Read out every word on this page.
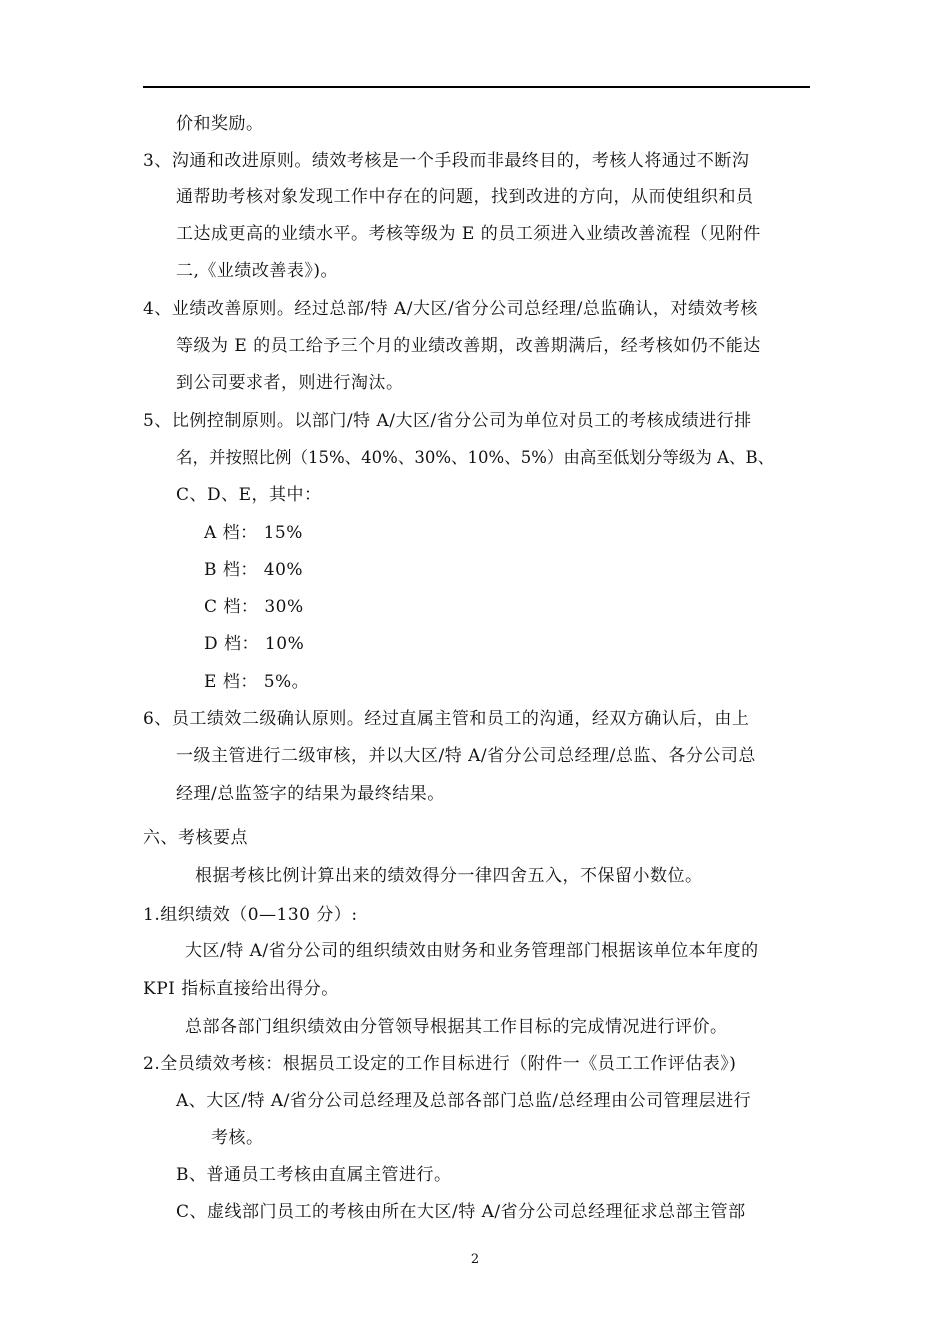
价和奖励。
3、沟通和改进原则。绩效考核是一个手段而非最终目的，考核人将通过不断沟
通帮助考核对象发现工作中存在的问题，找到改进的方向，从而使组织和员
工达成更高的业绩水平。考核等级为 E 的员工须进入业绩改善流程（见附件
二,《业绩改善表》)。
4、业绩改善原则。经过总部/特 A/大区/省分公司总经理/总监确认，对绩效考核
等级为 E 的员工给予三个月的业绩改善期，改善期满后，经考核如仍不能达
到公司要求者，则进行淘汰。
5、比例控制原则。以部门/特 A/大区/省分公司为单位对员工的考核成绩进行排
名，并按照比例（15%、40%、30%、10%、5%）由高至低划分等级为 A、B、
C、D、E，其中：
A 档： 15%
B 档： 40%
C 档： 30%
D 档： 10%
E 档： 5%。
6、员工绩效二级确认原则。经过直属主管和员工的沟通，经双方确认后，由上
一级主管进行二级审核，并以大区/特 A/省分公司总经理/总监、各分公司总
经理/总监签字的结果为最终结果。
六、考核要点
根据考核比例计算出来的绩效得分一律四舍五入，不保留小数位。
1.组织绩效（0—130 分）:
大区/特 A/省分公司的组织绩效由财务和业务管理部门根据该单位本年度的
KPI 指标直接给出得分。
总部各部门组织绩效由分管领导根据其工作目标的完成情况进行评价。
2.全员绩效考核：根据员工设定的工作目标进行（附件一《员工工作评估表》)
A、大区/特 A/省分公司总经理及总部各部门总监/总经理由公司管理层进行
考核。
B、普通员工考核由直属主管进行。
C、虚线部门员工的考核由所在大区/特 A/省分公司总经理征求总部主管部
2
